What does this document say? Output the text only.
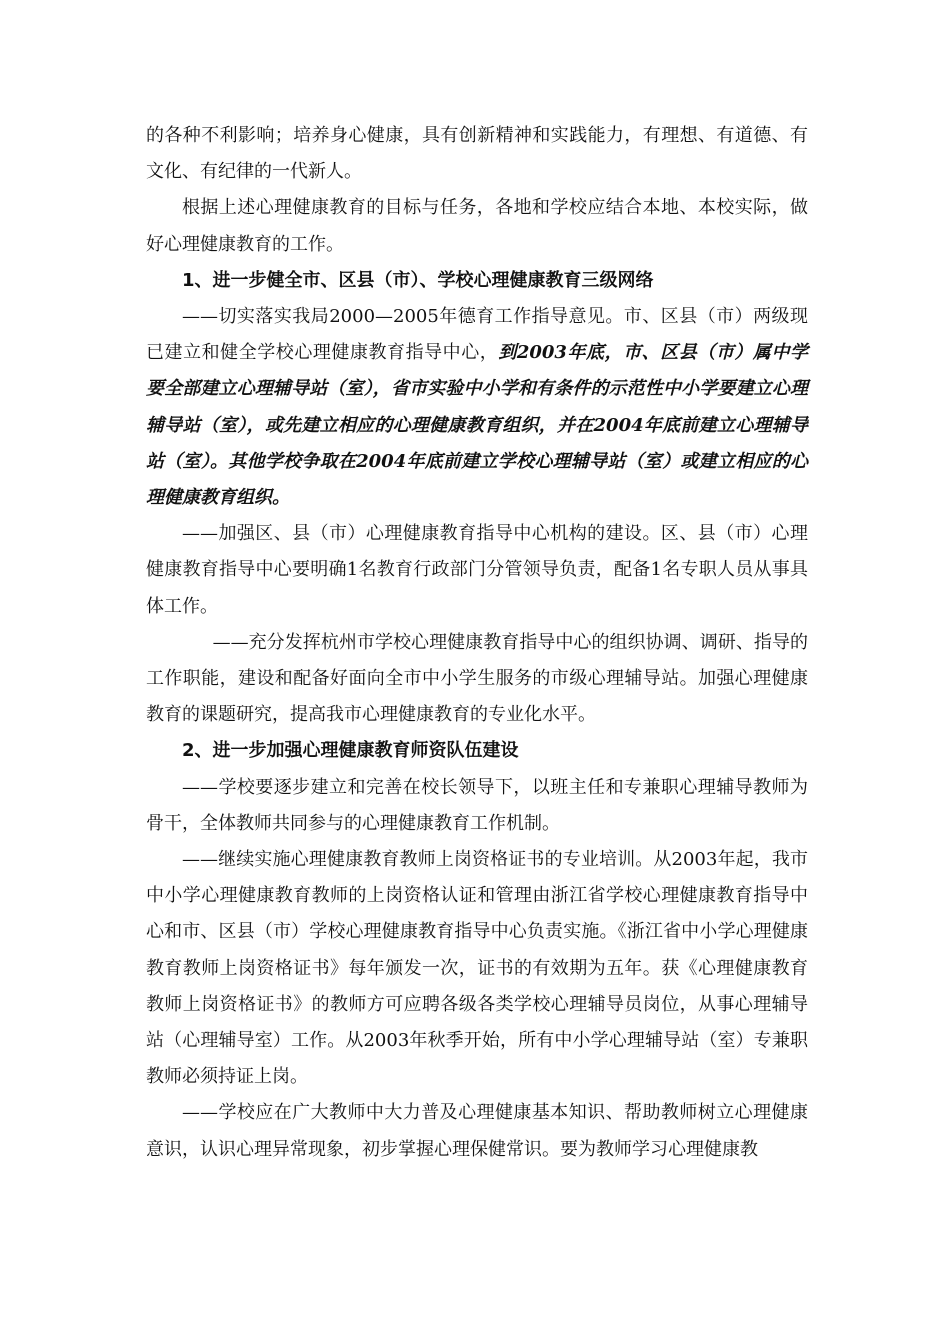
的各种不利影响；培养身心健康，具有创新精神和实践能力，有理想、有道德、有文化、有纪律的一代新人。

根据上述心理健康教育的目标与任务，各地和学校应结合本地、本校实际，做好心理健康教育的工作。

1、进一步健全市、区县（市）、学校心理健康教育三级网络

——切实落实我局2000—2005年德育工作指导意见。市、区县（市）两级现已建立和健全学校心理健康教育指导中心，到2003年底，市、区县（市）属中学要全部建立心理辅导站（室），省市实验中小学和有条件的示范性中小学要建立心理辅导站（室），或先建立相应的心理健康教育组织，并在2004年底前建立心理辅导站（室）。其他学校争取在2004年底前建立学校心理辅导站（室）或建立相应的心理健康教育组织。

——加强区、县（市）心理健康教育指导中心机构的建设。区、县（市）心理健康教育指导中心要明确1名教育行政部门分管领导负责，配备1名专职人员从事具体工作。

——充分发挥杭州市学校心理健康教育指导中心的组织协调、调研、指导的工作职能，建设和配备好面向全市中小学生服务的市级心理辅导站。加强心理健康教育的课题研究，提高我市心理健康教育的专业化水平。

2、进一步加强心理健康教育师资队伍建设

——学校要逐步建立和完善在校长领导下，以班主任和专兼职心理辅导教师为骨干，全体教师共同参与的心理健康教育工作机制。

——继续实施心理健康教育教师上岗资格证书的专业培训。从2003年起，我市中小学心理健康教育教师的上岗资格认证和管理由浙江省学校心理健康教育指导中心和市、区县（市）学校心理健康教育指导中心负责实施。《浙江省中小学心理健康教育教师上岗资格证书》每年颁发一次，证书的有效期为五年。获《心理健康教育教师上岗资格证书》的教师方可应聘各级各类学校心理辅导员岗位，从事心理辅导站（心理辅导室）工作。从2003年秋季开始，所有中小学心理辅导站（室）专兼职教师必须持证上岗。

——学校应在广大教师中大力普及心理健康基本知识、帮助教师树立心理健康意识，认识心理异常现象，初步掌握心理保健常识。要为教师学习心理健康教
